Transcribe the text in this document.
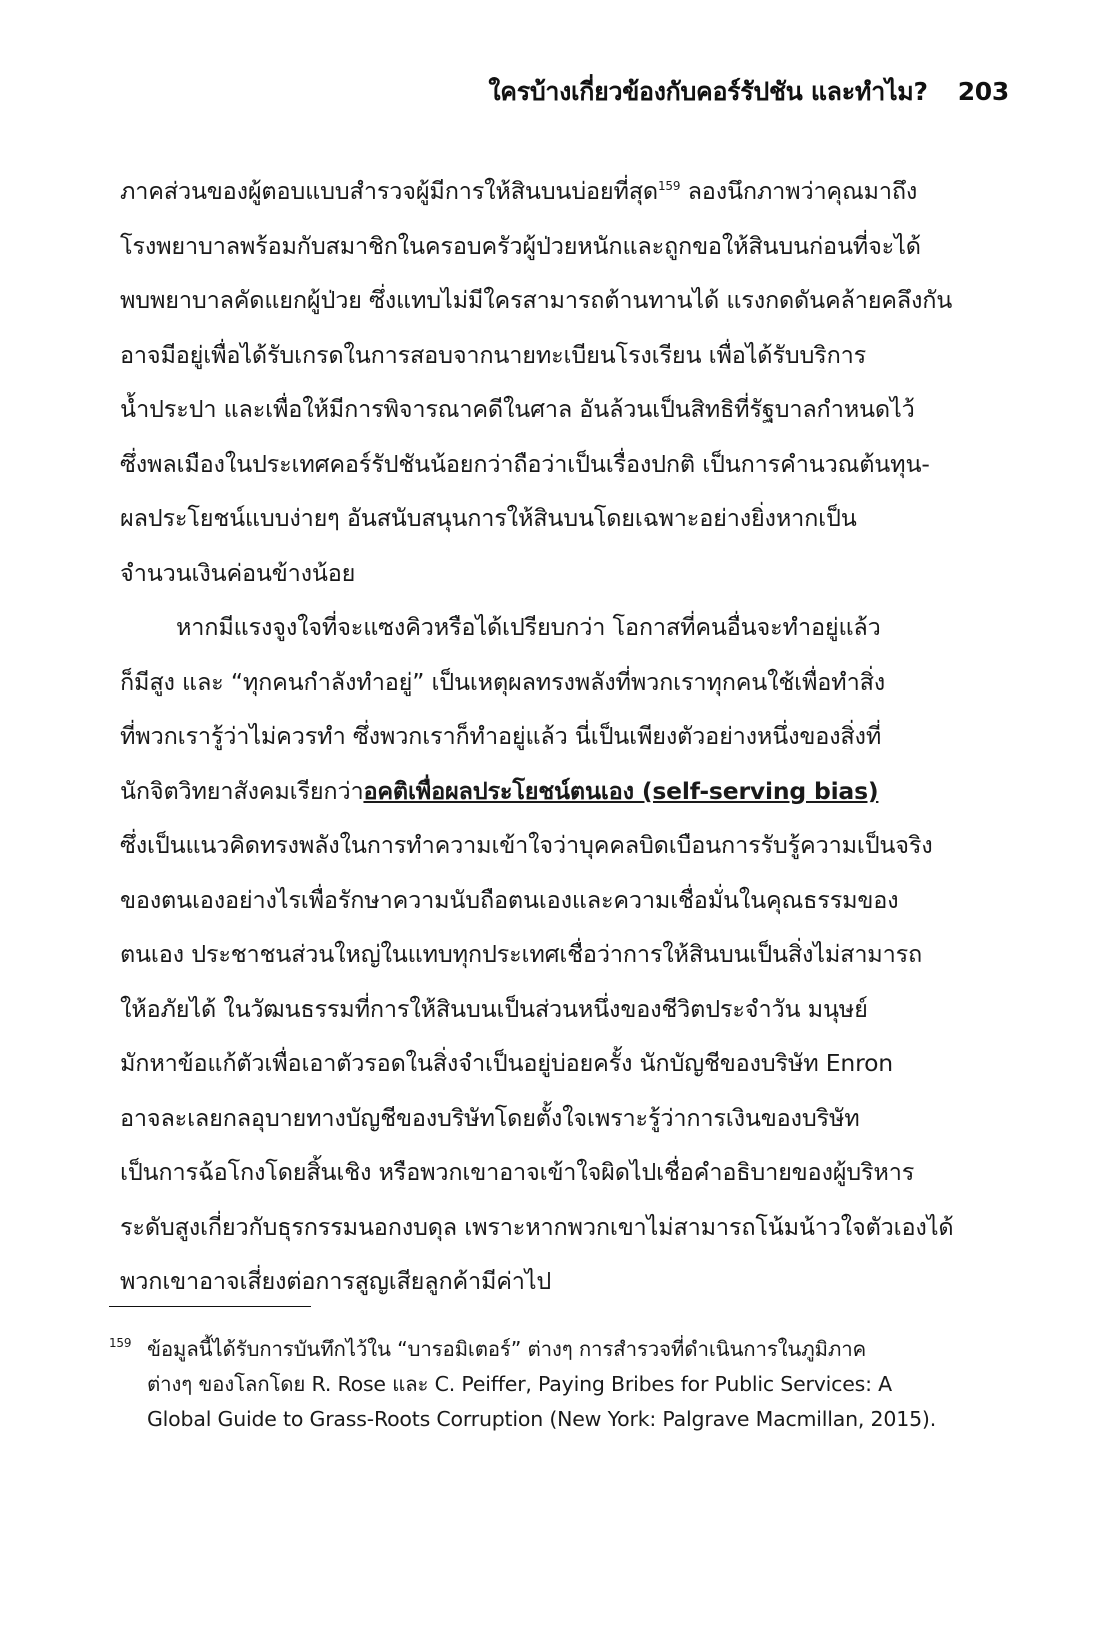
ใครบ้างเกี่ยวข้องกับคอร์รัปชัน และทำไม? 203
ภาคส่วนของผู้ตอบแบบสำรวจผู้มีการให้สินบนบ่อยที่สุด$^{159}$ ลองนึกภาพว่าคุณมาถึง
โรงพยาบาลพร้อมกับสมาชิกในครอบครัวผู้ป่วยหนักและถูกขอให้สินบนก่อนที่จะได้
พบพยาบาลคัดแยกผู้ป่วย ซึ่งแทบไม่มีใครสามารถต้านทานได้ แรงกดดันคล้ายคลึงกัน
อาจมีอยู่เพื่อได้รับเกรดในการสอบจากนายทะเบียนโรงเรียน เพื่อได้รับบริการ
น้ำประปา และเพื่อให้มีการพิจารณาคดีในศาล อันล้วนเป็นสิทธิที่รัฐบาลกำหนดไว้
ซึ่งพลเมืองในประเทศคอร์รัปชันน้อยกว่าถือว่าเป็นเรื่องปกติ เป็นการคำนวณต้นทุน-
ผลประโยชน์แบบง่ายๆ อันสนับสนุนการให้สินบนโดยเฉพาะอย่างยิ่งหากเป็น
จำนวนเงินค่อนข้างน้อย
หากมีแรงจูงใจที่จะแซงคิวหรือได้เปรียบกว่า โอกาสที่คนอื่นจะทำอยู่แล้ว
ก็มีสูง และ “ทุกคนกำลังทำอยู่” เป็นเหตุผลทรงพลังที่พวกเราทุกคนใช้เพื่อทำสิ่ง
ที่พวกเรารู้ว่าไม่ควรทำ ซึ่งพวกเราก็ทำอยู่แล้ว นี่เป็นเพียงตัวอย่างหนึ่งของสิ่งที่
นักจิตวิทยาสังคมเรียกว่าอคติเพื่อผลประโยชน์ตนเอง (self-serving bias)
ซึ่งเป็นแนวคิดทรงพลังในการทำความเข้าใจว่าบุคคลบิดเบือนการรับรู้ความเป็นจริง
ของตนเองอย่างไรเพื่อรักษาความนับถือตนเองและความเชื่อมั่นในคุณธรรมของ
ตนเอง ประชาชนส่วนใหญ่ในแทบทุกประเทศเชื่อว่าการให้สินบนเป็นสิ่งไม่สามารถ
ให้อภัยได้ ในวัฒนธรรมที่การให้สินบนเป็นส่วนหนึ่งของชีวิตประจำวัน มนุษย์
มักหาข้อแก้ตัวเพื่อเอาตัวรอดในสิ่งจำเป็นอยู่บ่อยครั้ง นักบัญชีของบริษัท Enron
อาจละเลยกลอุบายทางบัญชีของบริษัทโดยตั้งใจเพราะรู้ว่าการเงินของบริษัท
เป็นการฉ้อโกงโดยสิ้นเชิง หรือพวกเขาอาจเข้าใจผิดไปเชื่อคำอธิบายของผู้บริหาร
ระดับสูงเกี่ยวกับธุรกรรมนอกงบดุล เพราะหากพวกเขาไม่สามารถโน้มน้าวใจตัวเองได้
พวกเขาอาจเสี่ยงต่อการสูญเสียลูกค้ามีค่าไป
159 ข้อมูลนี้ได้รับการบันทึกไว้ใน “บารอมิเตอร์” ต่างๆ การสำรวจที่ดำเนินการในภูมิภาค
ต่างๆ ของโลกโดย R. Rose และ C. Peiffer, Paying Bribes for Public Services: A
Global Guide to Grass-Roots Corruption (New York: Palgrave Macmillan, 2015).
